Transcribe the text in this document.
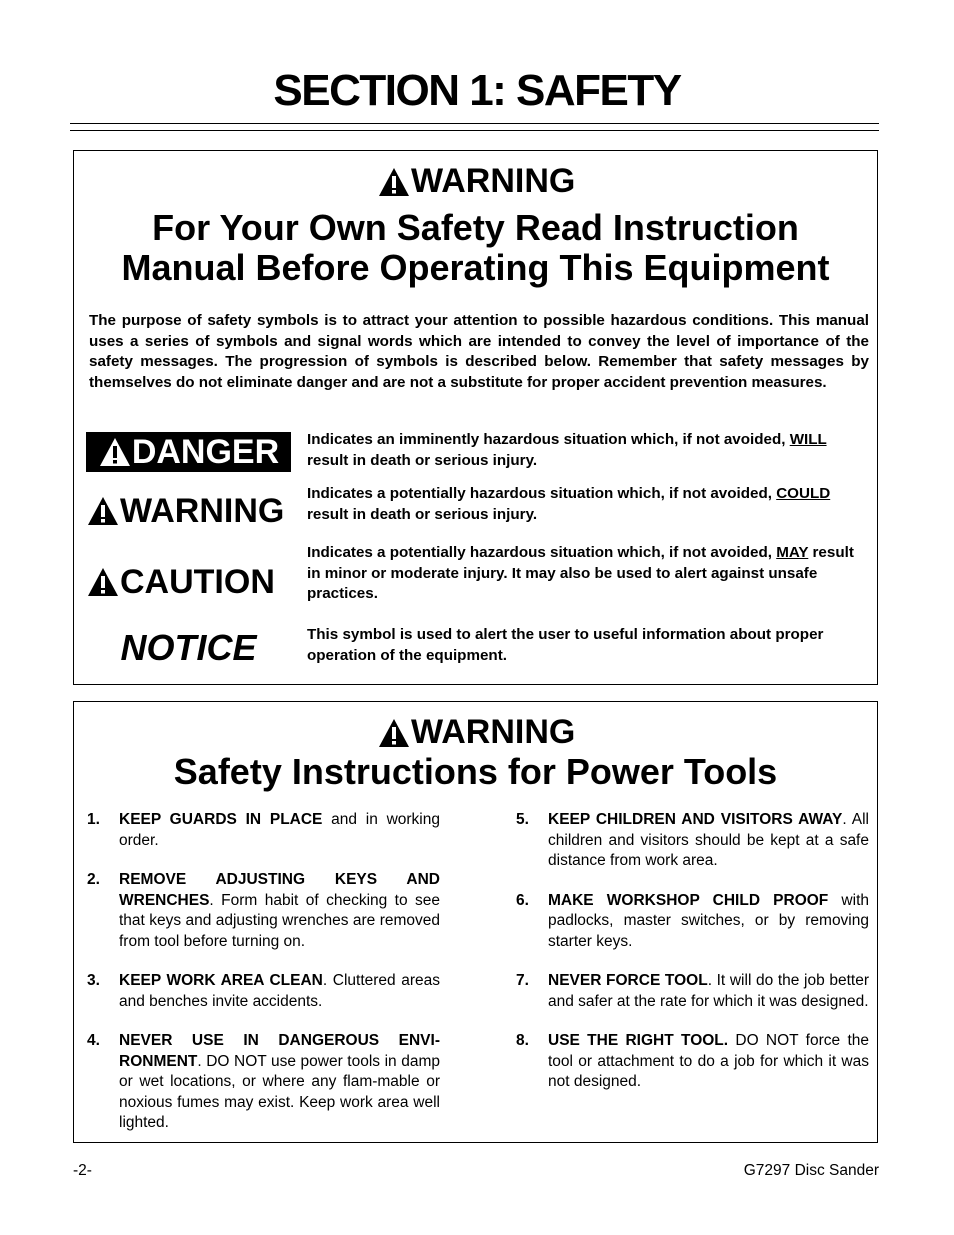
SECTION 1: SAFETY
WARNING

For Your Own Safety Read Instruction

Manual Before Operating This Equipment

The purpose of safety symbols is to attract your attention to possible hazardous conditions. This manual uses a series of symbols and signal words which are intended to convey the level of importance of the safety messages. The progression of symbols is described below. Remember that safety messages by themselves do not eliminate danger and are not a substitute for proper accident prevention measures.

DANGER Indicates an imminently hazardous situation which, if not avoided, WILL result in death or serious injury.

WARNING Indicates a potentially hazardous situation which, if not avoided, COULD result in death or serious injury.

CAUTION

Indicates a potentially hazardous situation which, if not avoided, MAY result in minor or moderate injury. It may also be used to alert against unsafe practices.

NOTICE	This symbol is used to alert the user to useful information about proper operation of the equipment.

WARNING

Safety Instructions for Power Tools

1. KEEP GUARDS IN PLACE and in working order.

2. REMOVE ADJUSTING KEYS AND WRENCHES. Form habit of checking to see that keys and adjusting wrenches are removed from tool before turning on.

3. KEEP WORK AREA CLEAN. Cluttered areas and benches invite accidents.

4. NEVER USE IN DANGEROUS ENVI-RONMENT. DO NOT use power tools in damp or wet locations, or where any flam-mable or noxious fumes may exist. Keep work area well lighted.

5. KEEP CHILDREN AND VISITORS AWAY. All children and visitors should be kept at a safe distance from work area.

6. MAKE WORKSHOP CHILD PROOF with padlocks, master switches, or by removing starter keys.

7. NEVER FORCE TOOL. It will do the job better and safer at the rate for which it was designed.

8. USE THE RIGHT TOOL. DO NOT force the tool or attachment to do a job for which it was not designed.

-2-	G7297 Disc Sander
